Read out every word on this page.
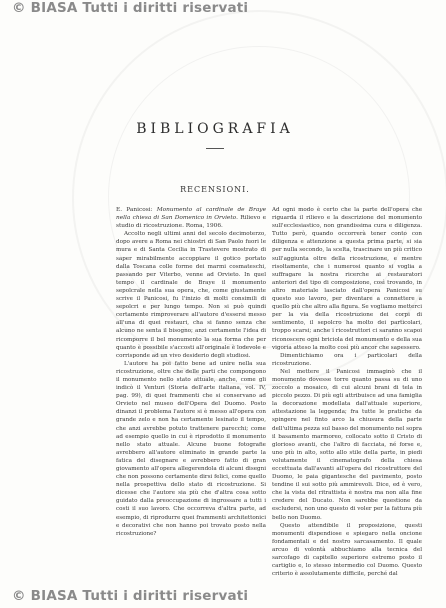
© BIASA Tutti i diritti riservati
BIBLIOGRAFIA
RECENSIONI.

E. Panicosi: Monumento al cardinale de Braye nella chiesa di San Domenico in Orvieto. Rilievo e studio di ricostruzione. Roma, 1906.

Accolto negli ultimi anni del secolo decimoterzo, dopo avere a Roma nei chiostri di San Paolo fuori le mura e di Santa Cecilia in Trastevere mostrato di saper mirabilmente accoppiare il gotico portato dalla Toscana colle forme dei marmi cosmateschi, passando per Viterbo, venne ad Orvieto. In quel tempo il cardinale de Braye il monumento sepolcrale nella sua opera, che, come giustamente scrive il Panicosi, fu l'inizio di molti consimili di sepolcri e per lungo tempo. Non si può quindi certamente rimproverare all'autore d'essersi messo all'una di quei restauri, cha si fanno senza che alcuno ne senta il bisogno; anzi certamente l'idea di ricomporre il bel monumento la sua forma che per quanto è possibile s'accosti all'originale è lodevole e corrisponde ad un vivo desiderio degli studiosi.

L'autore ha poi fatto bene ad unire nella sua ricostruzione, oltre che delle parti che compongono il monumento nello stato attuale, anche, come gli indicò il Venturi (Storia dell'arte italiana, vol. IV, pag. 99), di quei frammenti che si conservano ad Orvieto nel museo dell'Opera del Duomo. Posto dinanzi il problema l'autore si è messo all'opera con grande zelo e non ha certamente lesinato il tempo, che anzi avrebbe potuto trattenere parecchi; come ad esempio quello in cui è riprodotto il monumento nello stato attuale. Alcune buone fotografie avrebbero all'autore eliminato in grande parte la fatica del disegnare e avrebbero fatto di gran giovamento all'opera allegerendola di alcuni disegni che non possono certamente dirsi felici, come quello nella prospettiva dello stato di ricostruzione. Si dicesse che l'autore sia più che d'altra cosa sotto guidato dalla preoccupazione di ingrossare a tutti i costi il suo lavoro. Che occorreva d'altra parte, ad esempio, di riprodurre quei frammenti architettonici e decorativi che non hanno poi trovato posto nella ricostruzione?

Ad ogni modo è certo che la parte dell'opera che riguarda il rilievo e la descrizione del monumento sull'ecclesiastico, non grandissima cura e diligenza. Tutto però, quando occorrerà tener conto con diligenza e attenzione a questa prima parte, si sia per nulla secondo, la scelta, trascinare un più critico sull'aggiunta oltre della ricostruzione, e mentre risoltamente, che i numerosi quanto si voglia a suffragare la nostra ricerche ai restauratori anteriori del tipo di composizione, così trovando, in altro materiale lasciato dall'opera Panicosi su questo suo lavoro, per diventare a connettere a quello più che altro alla figura. Se vogliamo metterci per la via della ricostruzione dei corpi di sentimento, il sepolcro ha molto dei particolari, troppo scarsi; anche i ricostruttori ci saranno scapoi riconoscere ogni briciola del monumento e della sua vigoria atteso la molto così più ancor che sapessero.

Dimentichiamo ora i particolari della ricostruzione.

Nel mettere il Panicosi immaginò che il monumento dovesse torre quanto passa su di uno zoccolo a mosaico, di cui alcuni brani di tela in piccolo pezzo. Di più egli attribuisce ad una famiglia la decorazione modellata dall'attuale superiore, attestazione la leggenda; fra tutte le pratiche da spingere nel finto arco la chiusura della parte dell'ultima pezza sul basso del monumento nel sopra il basamento marmoreo, collocato sotto il Cristo di glorioso avanti, che l'altro di facciata, né forse e, uno più in alto, sotto allo stile della parte, in piedi volutamente il cinematografo della chiesa eccettuata dall'avanti all'opera del ricostruttore del Duomo, le paia gigantesche del pavimento, posto tendine il sui sotto più ammirevoli. Dice, ed è vero, che la vista del ritrattista è nostra ma non alla fine credere del Ducato. Non sarebbe questione da escludersi, non uno questo di voler per la fattura più bello non Duomo.

Questo attendibile il proposizione, questi monumenti dispendiose e spiegaro nella oncione fondamentali e del nostro sarcasamento. Il quale arcuo di volontà abbuchiamo alla tecnica del sarcofago di capitello superiore estremo posto il cartiglio e, lo stesso intermedio col Duomo. Questo criterio è assolutamente difficile, perché dal

© BIASA Tutti i diritti riservati
